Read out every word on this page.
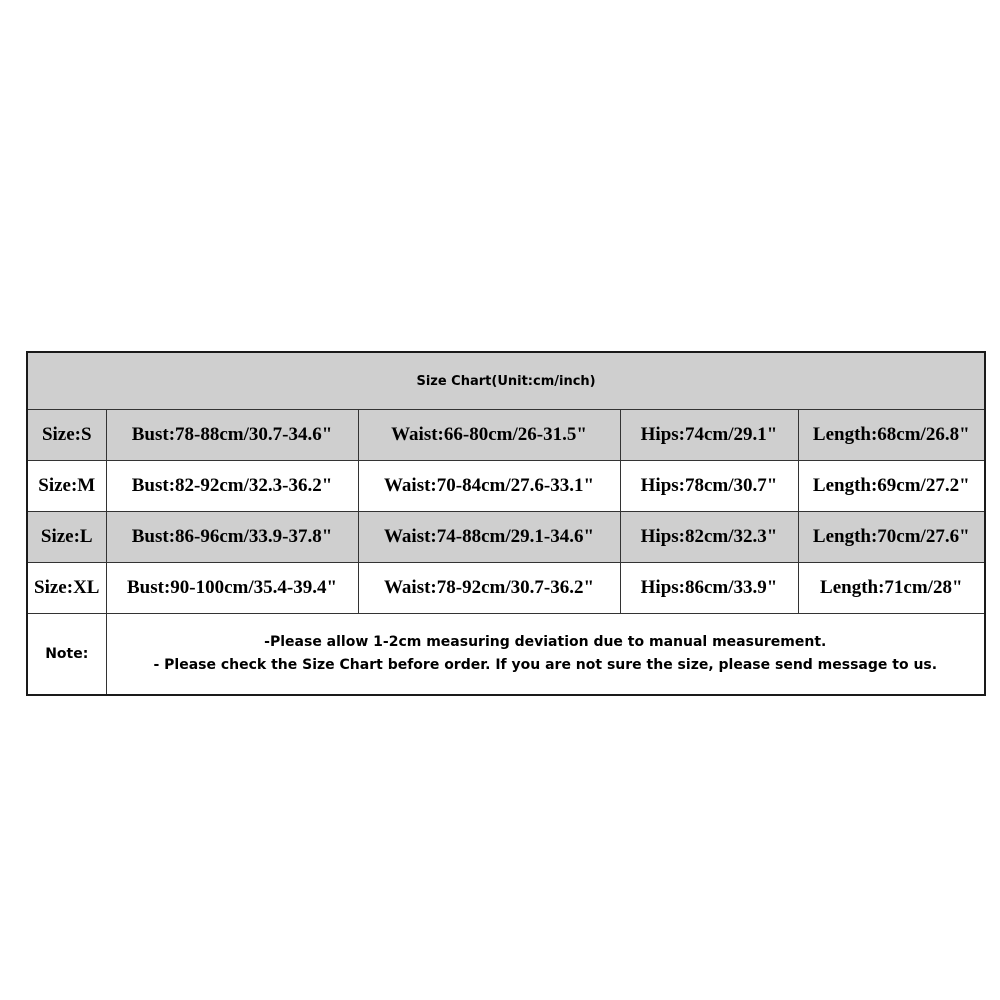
Size Chart(Unit:cm/inch)				
Size:S	Bust:78-88cm/30.7-34.6"	Waist:66-80cm/26-31.5"	Hips:74cm/29.1"	Length:68cm/26.8"
Size:M	Bust:82-92cm/32.3-36.2"	Waist:70-84cm/27.6-33.1"	Hips:78cm/30.7"	Length:69cm/27.2"
Size:L	Bust:86-96cm/33.9-37.8"	Waist:74-88cm/29.1-34.6"	Hips:82cm/32.3"	Length:70cm/27.6"
Size:XL	Bust:90-100cm/35.4-39.4"	Waist:78-92cm/30.7-36.2"	Hips:86cm/33.9"	Length:71cm/28"
Note:	-Please allow 1-2cm measuring deviation due to manual measurement.
- Please check the Size Chart before order. If you are not sure the size, please send message to us.			
